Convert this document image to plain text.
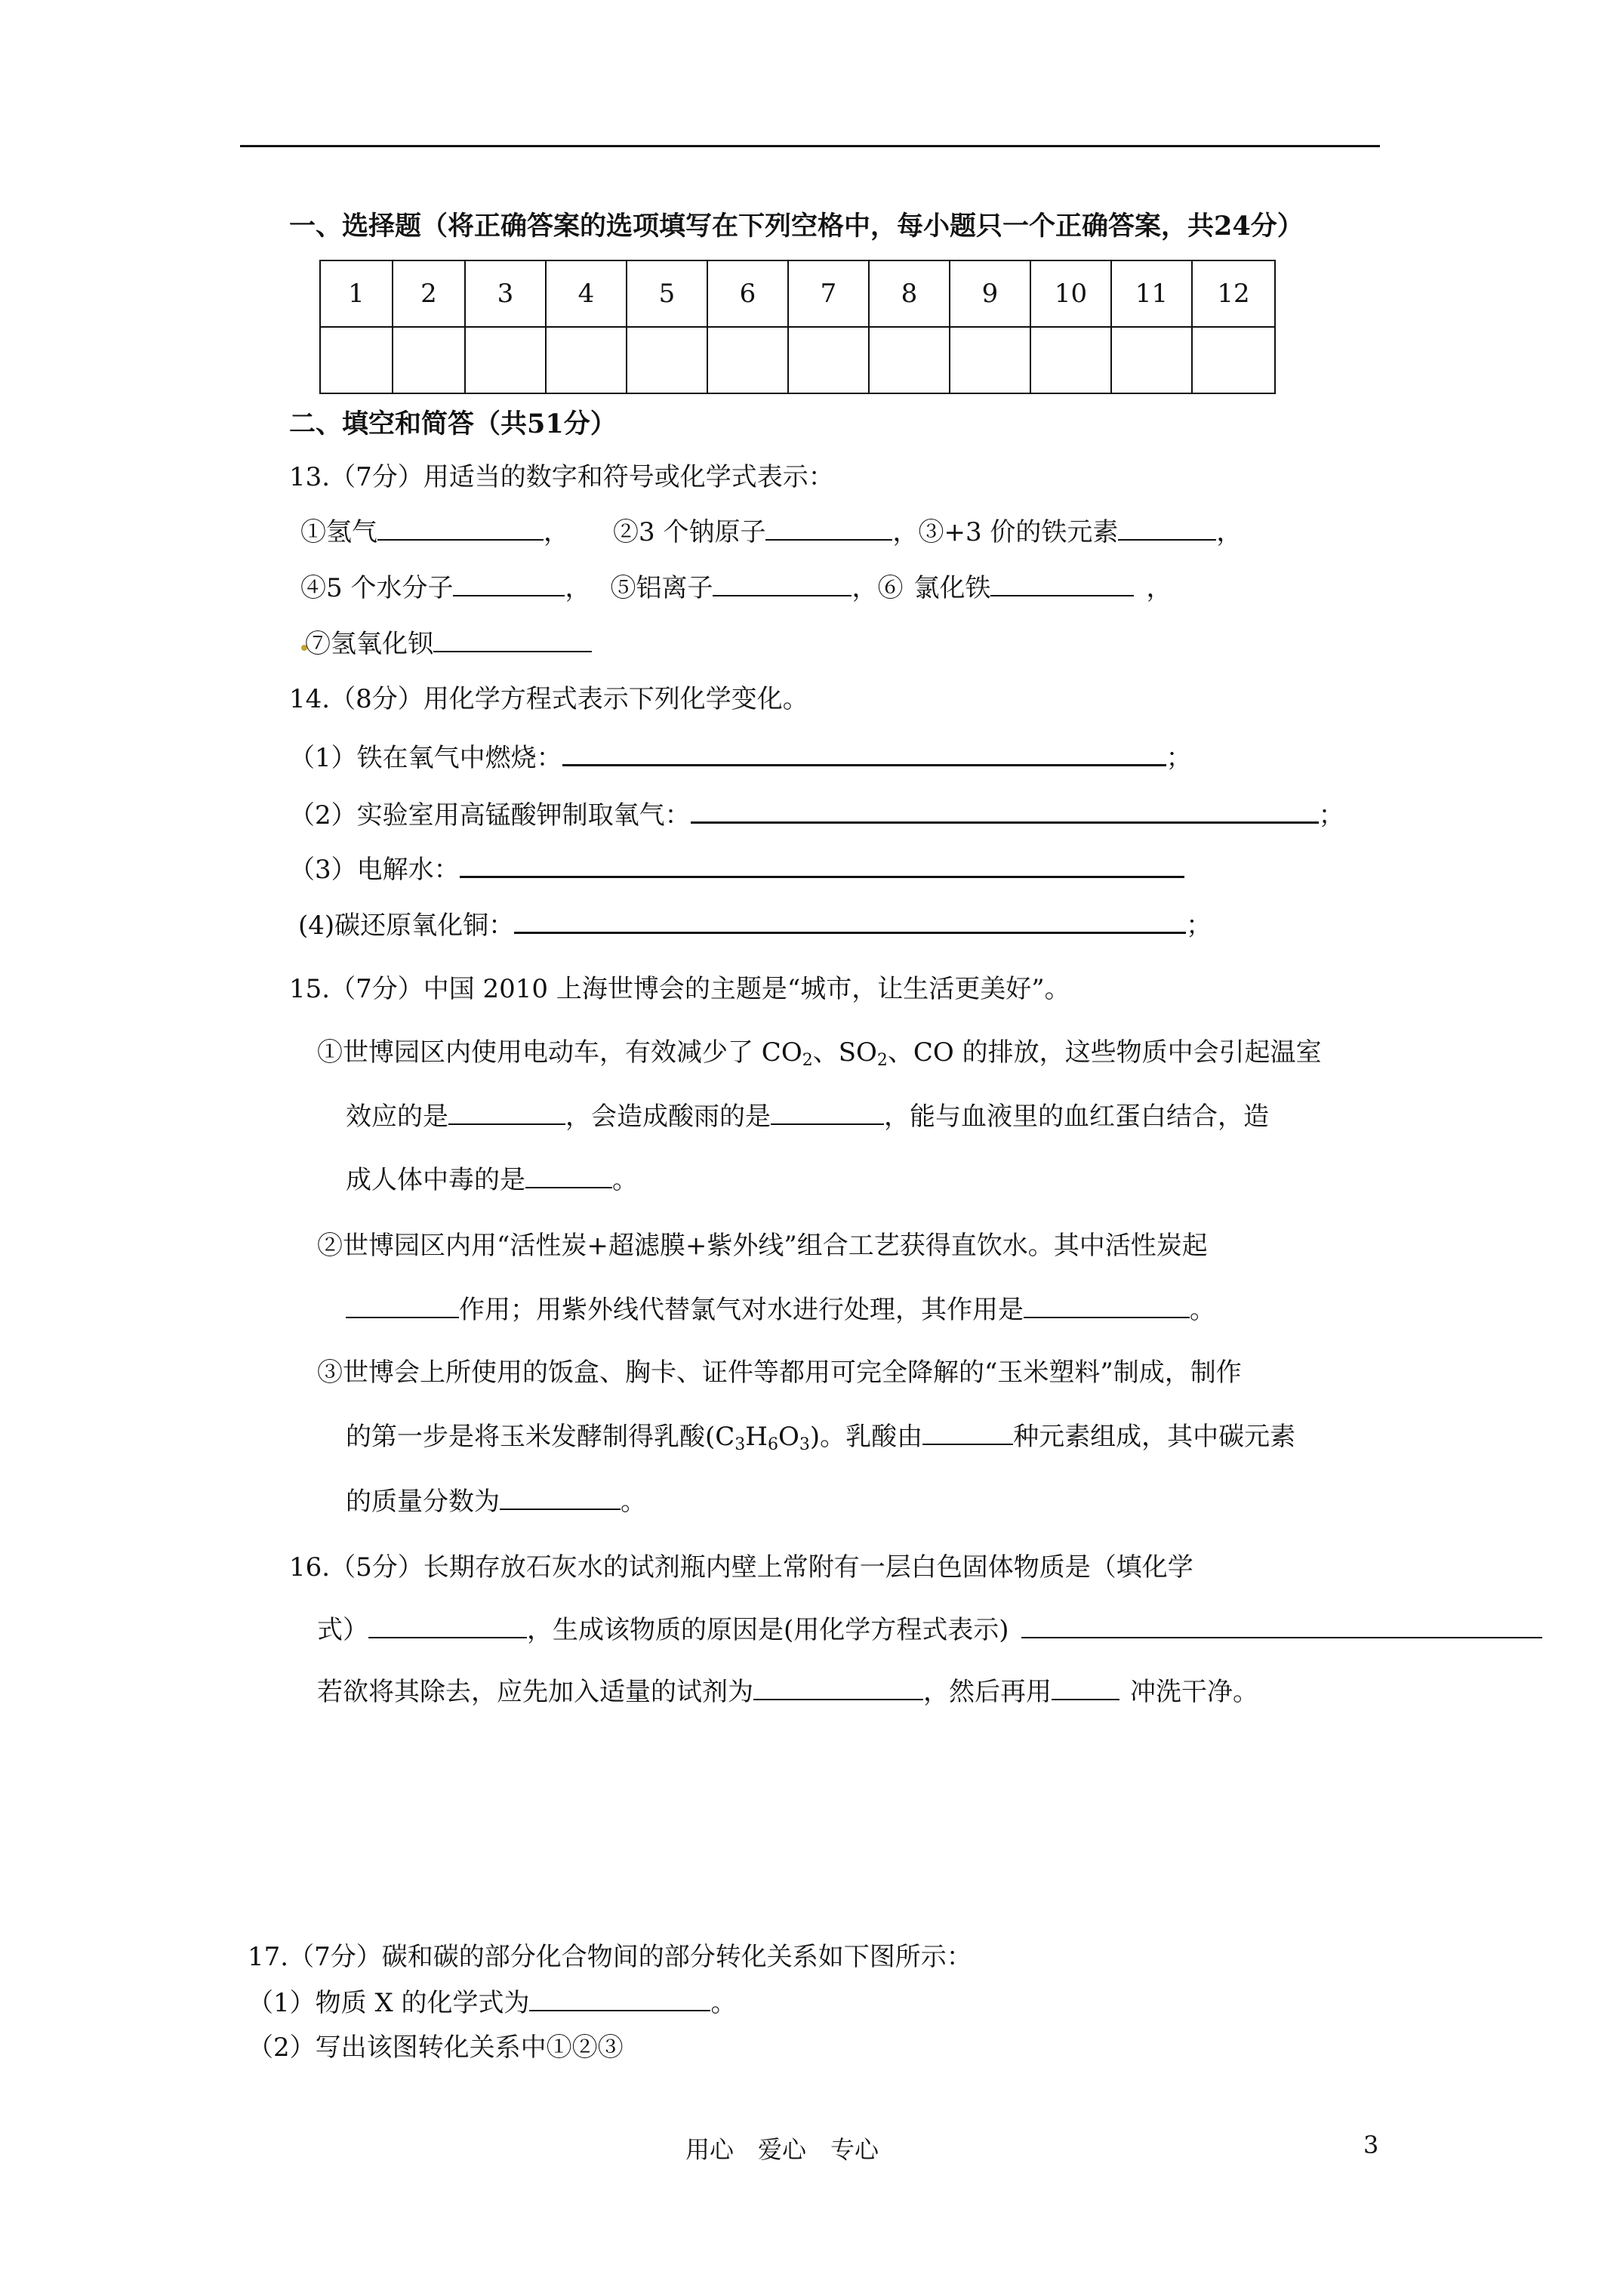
一、选择题（将正确答案的选项填写在下列空格中，每小题只一个正确答案，共24分）
1	2	3	4	5	6	7	8	9	10	11	12

二、填空和简答（共51分）
13.（7分）用适当的数字和符号或化学式表示：
①氢气	， ②3 个钠原子	，③+3 价的铁元素	，
④5 个水分子	， ⑤铝离子	，⑥ 氯化铁	，
⑦氢氧化钡
14.（8分）用化学方程式表示下列化学变化。
（1）铁在氧气中燃烧：	；
（2）实验室用高锰酸钾制取氧气：	；
（3）电解水：
(4)碳还原氧化铜：	；
15.（7分）中国 2010 上海世博会的主题是“城市，让生活更美好”。
①世博园区内使用电动车，有效减少了 $CO_2$、$SO_2$、CO 的排放，这些物质中会引起温室
效应的是	，会造成酸雨的是	，能与血液里的血红蛋白结合，造
成人体中毒的是	。
②世博园区内用“活性炭+超滤膜+紫外线”组合工艺获得直饮水。其中活性炭起
作用；用紫外线代替氯气对水进行处理，其作用是	。
③世博会上所使用的饭盒、胸卡、证件等都用可完全降解的“玉米塑料”制成，制作
的第一步是将玉米发酵制得乳酸$(C_3H_6O_3)$。乳酸由	种元素组成，其中碳元素
的质量分数为	。
16.（5分）长期存放石灰水的试剂瓶内壁上常附有一层白色固体物质是（填化学
式）	，生成该物质的原因是(用化学方程式表示)
若欲将其除去，应先加入适量的试剂为	，然后再用	冲洗干净。
17.（7分）碳和碳的部分化合物间的部分转化关系如下图所示：
（1）物质 X 的化学式为	。
（2）写出该图转化关系中①②③
用心　爱心　专心	3
